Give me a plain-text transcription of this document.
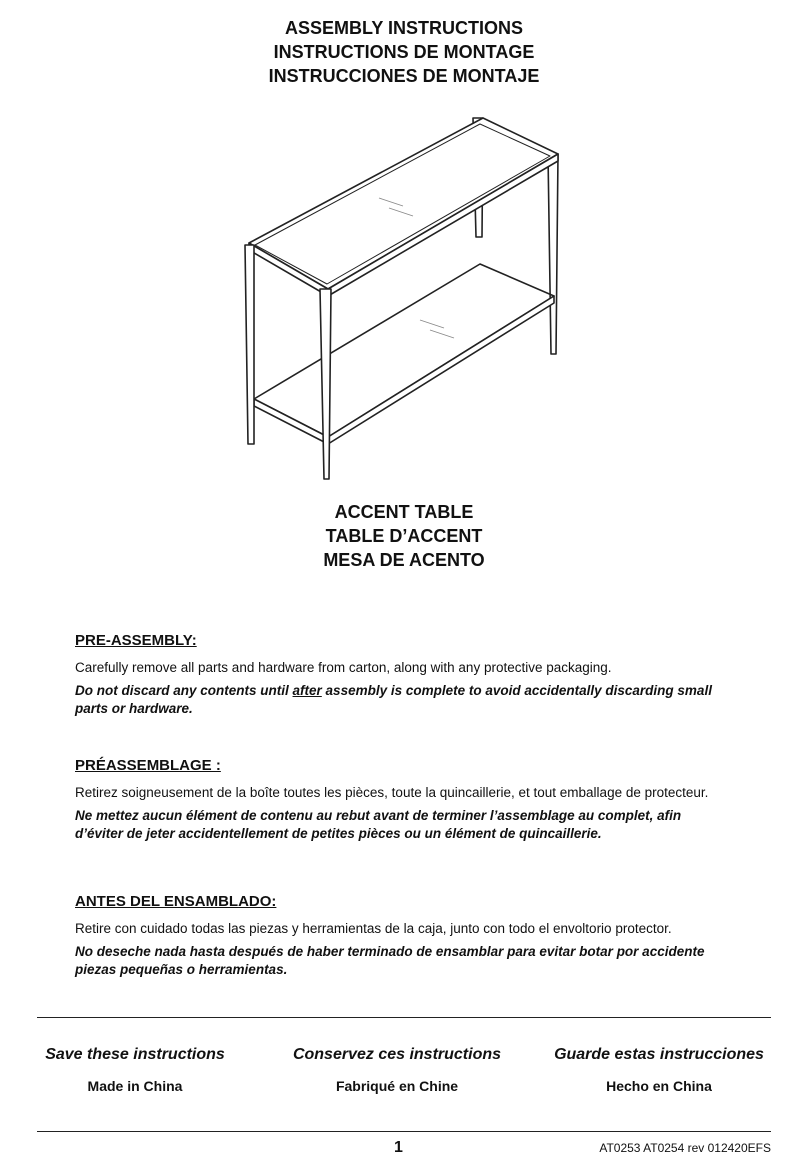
ASSEMBLY INSTRUCTIONS
INSTRUCTIONS DE MONTAGE
INSTRUCCIONES DE MONTAJE
ACCENT TABLE
TABLE D’ACCENT
MESA DE ACENTO
PRE-ASSEMBLY:
Carefully remove all parts and hardware from carton, along with any protective packaging.
Do not discard any contents until after assembly is complete to avoid accidentally discarding small parts or hardware.
PRÉASSEMBLAGE :
Retirez soigneusement de la boîte toutes les pièces, toute la quincaillerie, et tout emballage de protecteur.
Ne mettez aucun élément de contenu au rebut avant de terminer l’assemblage au complet, afin d’éviter de jeter accidentellement de petites pièces ou un élément de quincaillerie.
ANTES DEL ENSAMBLADO:
Retire con cuidado todas las piezas y herramientas de la caja, junto con todo el envoltorio protector.
No deseche nada hasta después de haber terminado de ensamblar para evitar botar por accidente piezas pequeñas o herramientas.
Save these instructions
Made in China
Conservez ces instructions
Fabriqué en Chine
Guarde estas instrucciones
Hecho en China
1	AT0253 AT0254 rev 012420EFS
